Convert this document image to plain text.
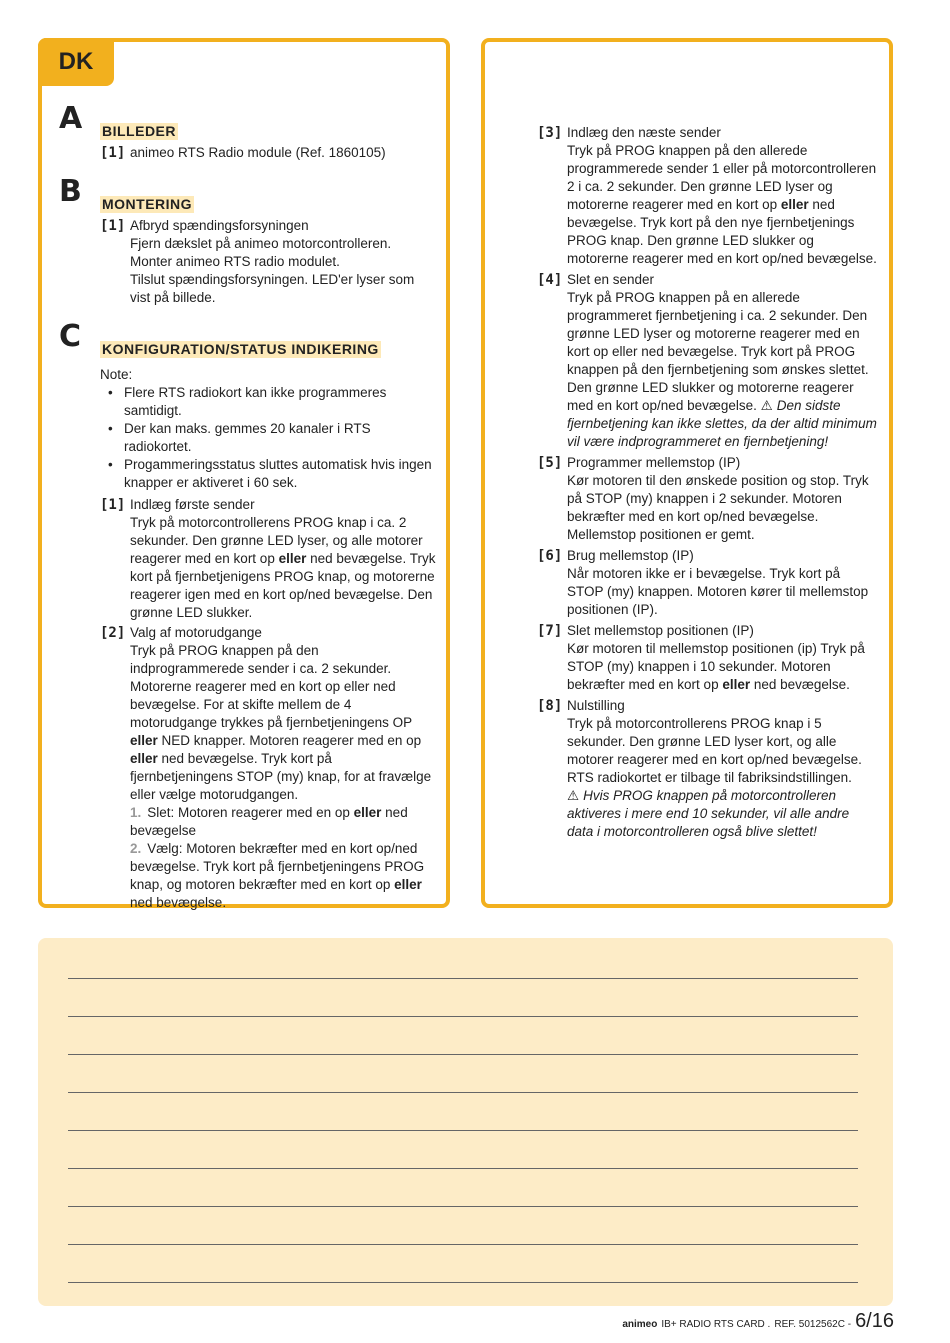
DK
A BILLEDER
[1] animeo RTS Radio module (Ref. 1860105)
B MONTERING
[1] Afbryd spændingsforsyningen

Fjern dækslet på animeo motorcontrolleren.

Monter animeo RTS radio modulet.

Tilslut spændingsforsyningen. LED'er lyser som vist på billede.

C KONFIGURATION/STATUS INDIKERING

Note:

• Flere RTS radiokort kan ikke programmeres samtidigt.
• Der kan maks. gemmes 20 kanaler i RTS radiokortet.
• Progammeringsstatus sluttes automatisk hvis ingen knapper er aktiveret i 60 sek.
[1] Indlæg første sender

Tryk på motorcontrollerens PROG knap i ca. 2 sekunder. Den grønne LED lyser, og alle motorer reagerer med en kort op eller ned bevægelse. Tryk kort på fjernbetjenigens PROG knap, og motorerne reagerer igen med en kort op/ned bevægelse. Den grønne LED slukker.

[2] Valg af motorudgange

Tryk på PROG knappen på den indprogrammerede sender i ca. 2 sekunder. Motorerne reagerer med en kort op eller ned bevægelse. For at skifte mellem de 4 motorudgange trykkes på fjernbetjeningens OP eller NED knapper. Motoren reagerer med en op eller ned bevægelse. Tryk kort på fjernbetjeningens STOP (my) knap, for at fravælge eller vælge motorudgangen.

1. Slet: Motoren reagerer med en op eller ned bevægelse

2. Vælg: Motoren bekræfter med en kort op/ned bevægelse. Tryk kort på fjernbetjeningens PROG knap, og motoren bekræfter med en kort op eller ned bevægelse.

[3] Indlæg den næste sender

Tryk på PROG knappen på den allerede programmerede sender 1 eller på motorcontrolleren 2 i ca. 2 sekunder. Den grønne LED lyser og motorerne reagerer med en kort op eller ned bevægelse. Tryk kort på den nye fjernbetjenings PROG knap. Den grønne LED slukker og motorerne reagerer med en kort op/ned bevægelse.

[4] Slet en sender

Tryk på PROG knappen på en allerede programmeret fjernbetjening i ca. 2 sekunder. Den grønne LED lyser og motorerne reagerer med en kort op eller ned bevægelse. Tryk kort på PROG knappen på den fjernbetjening som ønskes slettet. Den grønne LED slukker og motorerne reagerer med en kort op/ned bevægelse. ⚠ Den sidste fjernbetjening kan ikke slettes, da der altid minimum vil være indprogrammeret en fjernbetjening!

[5] Programmer mellemstop (IP)

Kør motoren til den ønskede position og stop. Tryk på STOP (my) knappen i 2 sekunder. Motoren bekræfter med en kort op/ned bevægelse. Mellemstop positionen er gemt.

[6] Brug mellemstop (IP)

Når motoren ikke er i bevægelse. Tryk kort på STOP (my) knappen. Motoren kører til mellemstop positionen (IP).

[7] Slet mellemstop positionen (IP)

Kør motoren til mellemstop positionen (ip) Tryk på STOP (my) knappen i 10 sekunder. Motoren bekræfter med en kort op eller ned bevægelse.

[8] Nulstilling

Tryk på motorcontrollerens PROG knap i 5 sekunder. Den grønne LED lyser kort, og alle motorer reagerer med en kort op/ned bevægelse. RTS radiokortet er tilbage til fabriksindstillingen.

⚠ Hvis PROG knappen på motorcontrolleren aktiveres i mere end 10 sekunder, vil alle andre data i motorcontrolleren også blive slettet!

animeo IB+ RADIO RTS CARD . REF. 5012562C - 6/16
